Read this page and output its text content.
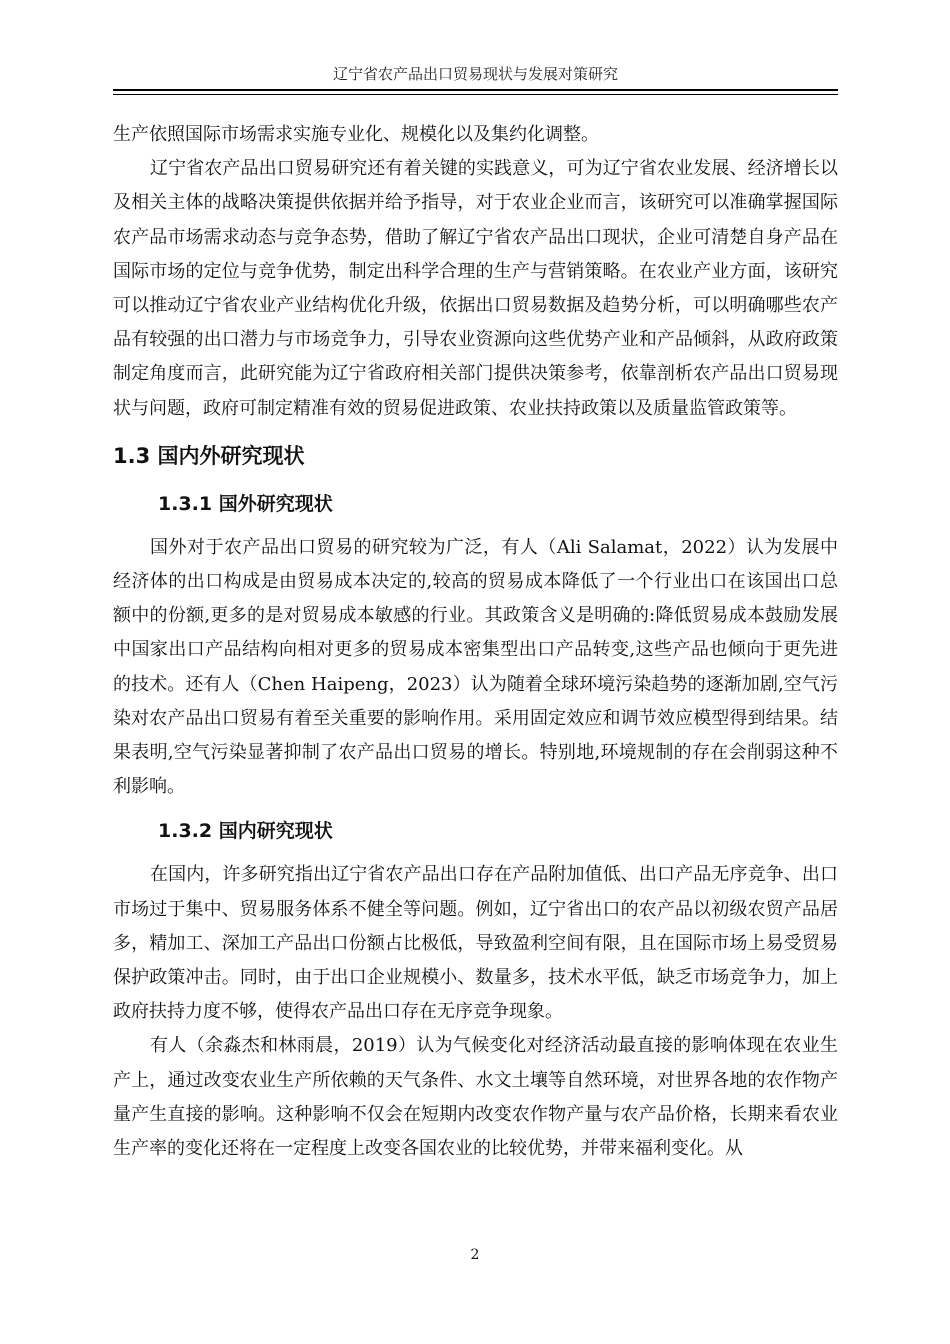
辽宁省农产品出口贸易现状与发展对策研究

生产依照国际市场需求实施专业化、规模化以及集约化调整。

辽宁省农产品出口贸易研究还有着关键的实践意义，可为辽宁省农业发展、经济增长以及相关主体的战略决策提供依据并给予指导，对于农业企业而言，该研究可以准确掌握国际农产品市场需求动态与竞争态势，借助了解辽宁省农产品出口现状，企业可清楚自身产品在国际市场的定位与竞争优势，制定出科学合理的生产与营销策略。在农业产业方面，该研究可以推动辽宁省农业产业结构优化升级，依据出口贸易数据及趋势分析，可以明确哪些农产品有较强的出口潜力与市场竞争力，引导农业资源向这些优势产业和产品倾斜，从政府政策制定角度而言，此研究能为辽宁省政府相关部门提供决策参考，依靠剖析农产品出口贸易现状与问题，政府可制定精准有效的贸易促进政策、农业扶持政策以及质量监管政策等。

1.3 国内外研究现状
1.3.1 国外研究现状

国外对于农产品出口贸易的研究较为广泛，有人（Ali Salamat，2022）认为发展中经济体的出口构成是由贸易成本决定的,较高的贸易成本降低了一个行业出口在该国出口总额中的份额,更多的是对贸易成本敏感的行业。其政策含义是明确的:降低贸易成本鼓励发展中国家出口产品结构向相对更多的贸易成本密集型出口产品转变,这些产品也倾向于更先进的技术。还有人（Chen Haipeng，2023）认为随着全球环境污染趋势的逐渐加剧,空气污染对农产品出口贸易有着至关重要的影响作用。采用固定效应和调节效应模型得到结果。结果表明,空气污染显著抑制了农产品出口贸易的增长。特别地,环境规制的存在会削弱这种不利影响。

1.3.2 国内研究现状

在国内，许多研究指出辽宁省农产品出口存在产品附加值低、出口产品无序竞争、出口市场过于集中、贸易服务体系不健全等问题。例如，辽宁省出口的农产品以初级农贸产品居多，精加工、深加工产品出口份额占比极低，导致盈利空间有限，且在国际市场上易受贸易保护政策冲击。同时，由于出口企业规模小、数量多，技术水平低，缺乏市场竞争力，加上政府扶持力度不够，使得农产品出口存在无序竞争现象。

有人（余淼杰和林雨晨，2019）认为气候变化对经济活动最直接的影响体现在农业生产上，通过改变农业生产所依赖的天气条件、水文土壤等自然环境，对世界各地的农作物产量产生直接的影响。这种影响不仅会在短期内改变农作物产量与农产品价格，长期来看农业生产率的变化还将在一定程度上改变各国农业的比较优势，并带来福利变化。从

2
